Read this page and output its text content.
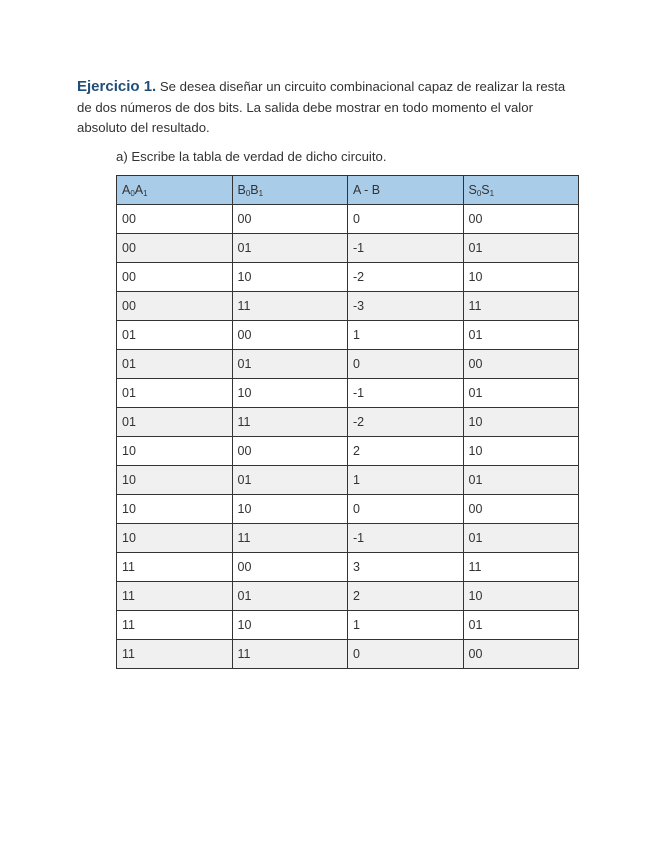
Ejercicio 1. Se desea diseñar un circuito combinacional capaz de realizar la resta de dos números de dos bits. La salida debe mostrar en todo momento el valor absoluto del resultado.
a) Escribe la tabla de verdad de dicho circuito.
$A_0A_1$	$B_0B_1$	A - B	$S_0S_1$
00	00	0	00
00	01	-1	01
00	10	-2	10
00	11	-3	11
01	00	1	01
01	01	0	00
01	10	-1	01
01	11	-2	10
10	00	2	10
10	01	1	01
10	10	0	00
10	11	-1	01
11	00	3	11
11	01	2	10
11	10	1	01
11	11	0	00
